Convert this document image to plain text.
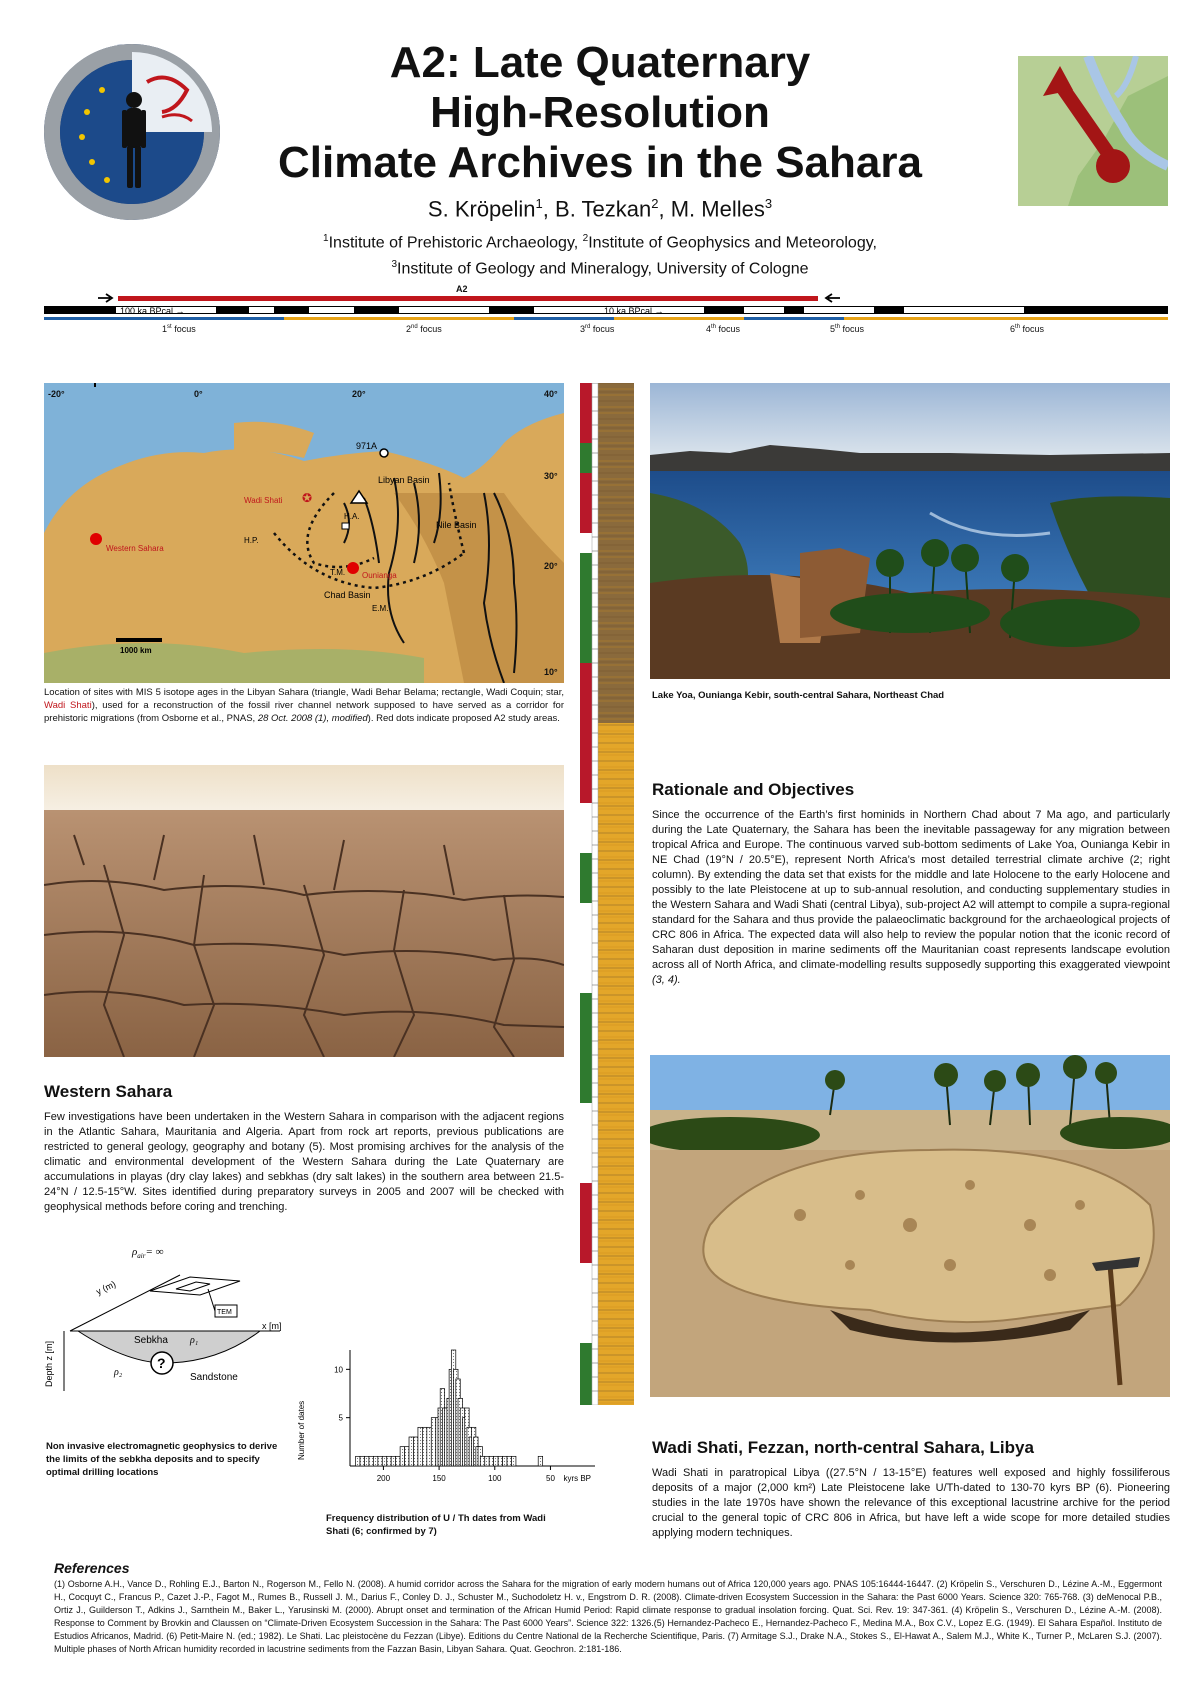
A2: Late Quaternary
High-Resolution
Climate Archives in the Sahara
S. Kröpelin$^1$, B. Tezkan$^2$, M. Melles$^3$
$^1$Institute of Prehistoric Archaeology, $^2$Institute of Geophysics and Meteorology,
$^3$Institute of Geology and Mineralogy, University of Cologne
A2
100 ka BPcal →	10 ka BPcal →	1 ka BPcal →
1st focus	2nd focus	3rd focus	4th focus	5th focus	6th focus
-20°	0°	20°	40°
30°
20°
10°
971A
Libyan Basin
Wadi Shati ✪
H.A.
H.P.
Nile Basin
Western Sahara
T.M. Ounianga
Chad Basin
E.M.
1000 km
Location of sites with MIS 5 isotope ages in the Libyan Sahara (triangle, Wadi Behar Belama; rectangle, Wadi Coquin; star, Wadi Shati), used for a reconstruction of the fossil river channel network supposed to have served as a corridor for prehistoric migrations (from Osborne et al., PNAS, 28 Oct. 2008 (1), modified). Red dots indicate proposed A2 study areas.
Western Sahara

Few investigations have been undertaken in the Western Sahara in comparison with the adjacent regions in the Atlantic Sahara, Mauritania and Algeria. Apart from rock art reports, previous publications are restricted to general geology, geography and botany (5). Most promising archives for the analysis of the climatic and environmental development of the Western Sahara during the Late Quaternary are accumulations in playas (dry clay lakes) and sebkhas (dry salt lakes) in the southern area between 21.5-24°N / 12.5-15°W. Sites identified during preparatory surveys in 2005 and 2007 will be checked with geophysical methods before coring and trenching.

$\rho_{air}=$ ∞
y (m)
x [m]
Depth z [m]
TEM
Sebkha ρ₁
?
ρ₂	Sandstone

Non invasive electromagnetic geophysics to derive the limits of the sebkha deposits and to specify optimal drilling locations

200	150	100	50
5
10
kyrs BP
Number of dates

Frequency distribution of U / Th dates from Wadi Shati (6; confirmed by 7)

Lake Yoa, Ounianga Kebir, south-central Sahara, Northeast Chad

Rationale and Objectives

Since the occurrence of the Earth’s first hominids in Northern Chad about 7 Ma ago, and particularly during the Late Quaternary, the Sahara has been the inevitable passageway for any migration between tropical Africa and Europe. The continuous varved sub-bottom sediments of Lake Yoa, Ounianga Kebir in NE Chad (19°N / 20.5°E), represent North Africa’s most detailed terrestrial climate archive (2; right column). By extending the data set that exists for the middle and late Holocene to the early Holocene and possibly to the late Pleistocene at up to sub-annual resolution, and conducting supplementary studies in the Western Sahara and Wadi Shati (central Libya), sub-project A2 will attempt to compile a supra-regional standard for the Sahara and thus provide the palaeoclimatic background for the archaeological projects of CRC 806 in Africa. The expected data will also help to review the popular notion that the iconic record of Saharan dust deposition in marine sediments off the Mauritanian coast represents landscape evolution across all of North Africa, and climate-modelling results supposedly supporting this exaggerated viewpoint (3, 4).

Wadi Shati, Fezzan, north-central Sahara, Libya

Wadi Shati in paratropical Libya ((27.5°N / 13-15°E) features well exposed and highly fossiliferous deposits of a major (2,000 km²) Late Pleistocene lake U/Th-dated to 130-70 kyrs BP (6). Pioneering studies in the late 1970s have shown the relevance of this exceptional lacustrine archive for the period crucial to the general topic of CRC 806 in Africa, but have left a wide scope for more detailed studies applying modern techniques.

References

(1) Osborne A.H., Vance D., Rohling E.J., Barton N., Rogerson M., Fello N. (2008). A humid corridor across the Sahara for the migration of early modern humans out of Africa 120,000 years ago. PNAS 105:16444-16447. (2) Kröpelin S., Verschuren D., Lézine A.-M., Eggermont H., Cocquyt C., Francus P., Cazet J.-P., Fagot M., Rumes B., Russell J. M., Darius F., Conley D. J., Schuster M., Suchodoletz H. v., Engstrom D. R. (2008). Climate-driven Ecosystem Succession in the Sahara: the Past 6000 Years. Science 320: 765-768. (3) deMenocal P.B., Ortiz J., Guilderson T., Adkins J., Sarnthein M., Baker L., Yarusinski M. (2000). Abrupt onset and termination of the African Humid Period: Rapid climate response to gradual insolation forcing. Quat. Sci. Rev. 19: 347-361. (4) Kröpelin S., Verschuren D., Lézine A.-M. (2008). Response to Comment by Brovkin and Claussen on “Climate-Driven Ecosystem Succession in the Sahara: The Past 6000 Years”. Science 322: 1326.(5) Hernandez-Pacheco E., Hernandez-Pacheco F., Medina M.A., Box C.V., Lopez E.G. (1949). El Sahara Español. Instituto de Estudios Africanos, Madrid. (6) Petit-Maire N. (ed.; 1982). Le Shati. Lac pleistocène du Fezzan (Libye). Editions du Centre National de la Recherche Scientifique, Paris. (7) Armitage S.J., Drake N.A., Stokes S., El-Hawat A., Salem M.J., White K., Turner P., McLaren S.J. (2007). Multiple phases of North African humidity recorded in lacustrine sediments from the Fazzan Basin, Libyan Sahara. Quat. Geochron. 2:181-186.
